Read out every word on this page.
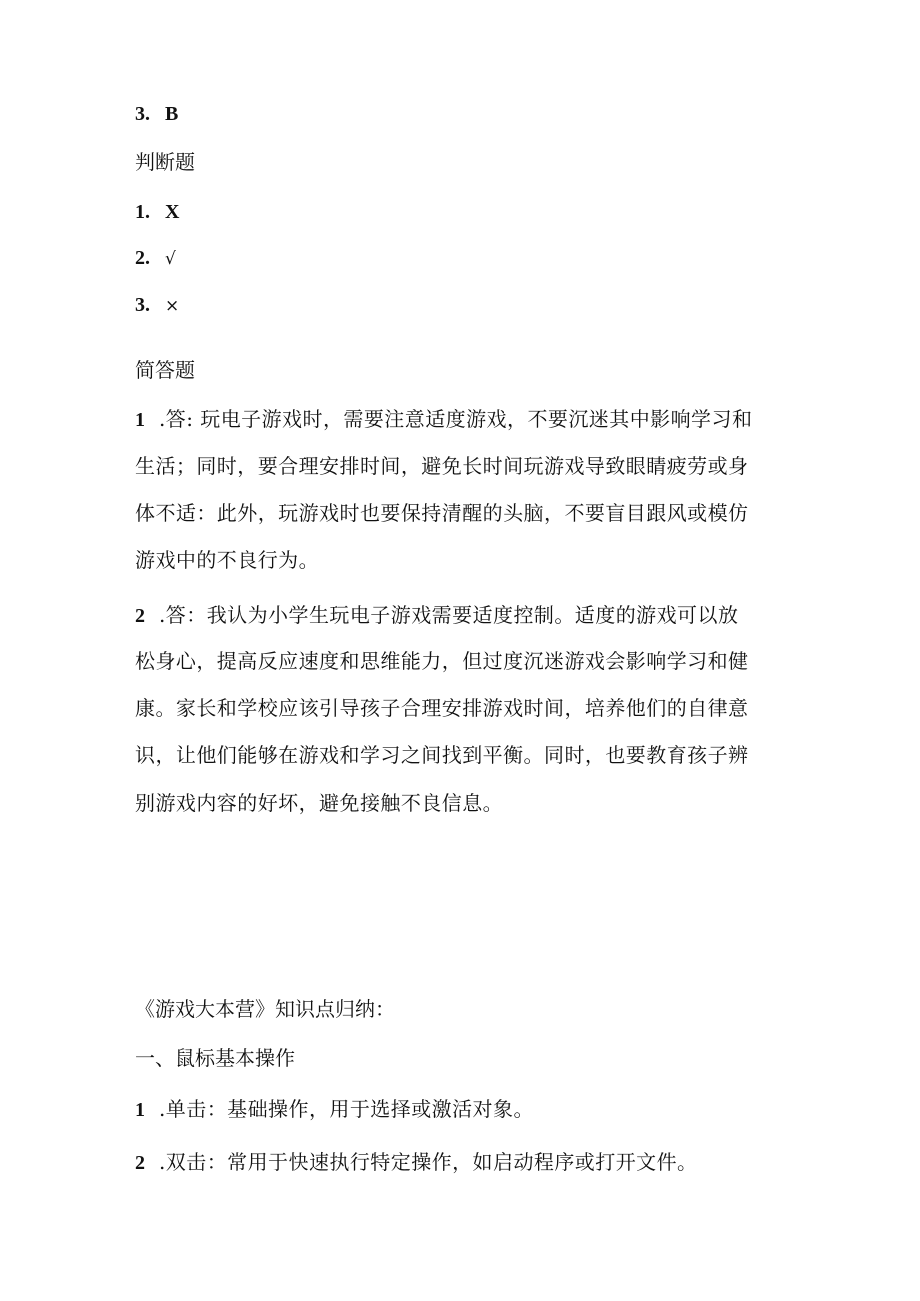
3. B
判断题
1. X
2. √
3. ×
简答题
1 .答: 玩电子游戏时，需要注意适度游戏，不要沉迷其中影响学习和
生活；同时，要合理安排时间，避免长时间玩游戏导致眼睛疲劳或身
体不适：此外，玩游戏时也要保持清醒的头脑，不要盲目跟风或模仿
游戏中的不良行为。
2 .答：我认为小学生玩电子游戏需要适度控制。适度的游戏可以放
松身心，提高反应速度和思维能力，但过度沉迷游戏会影响学习和健
康。家长和学校应该引导孩子合理安排游戏时间，培养他们的自律意
识，让他们能够在游戏和学习之间找到平衡。同时，也要教育孩子辨
别游戏内容的好坏，避免接触不良信息。
《游戏大本营》知识点归纳：
一、鼠标基本操作
1 .单击：基础操作，用于选择或激活对象。
2 .双击：常用于快速执行特定操作，如启动程序或打开文件。
